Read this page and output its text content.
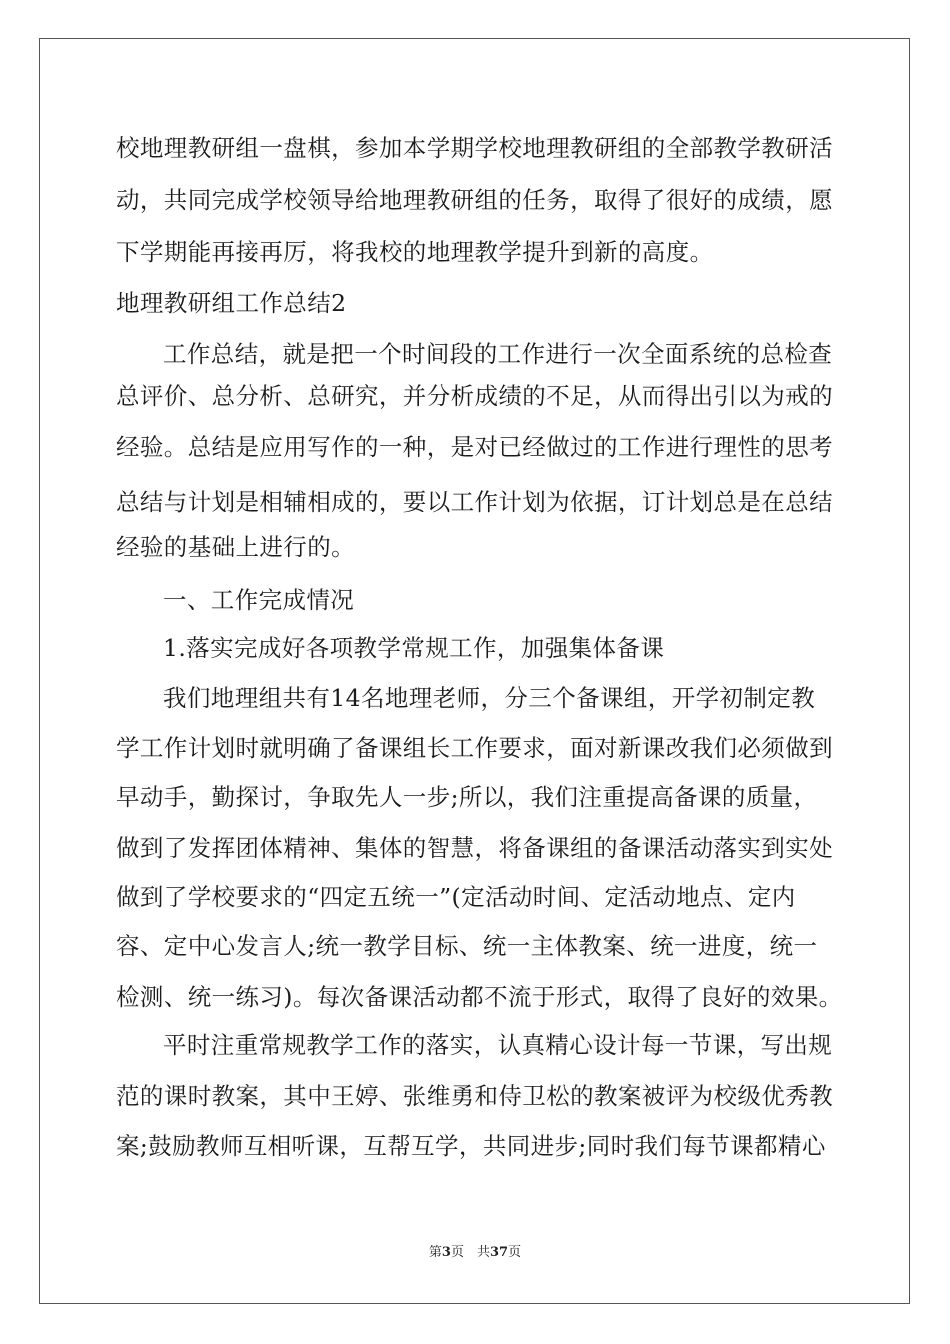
校地理教研组一盘棋，参加本学期学校地理教研组的全部教学教研活
动，共同完成学校领导给地理教研组的任务，取得了很好的成绩，愿
下学期能再接再厉，将我校的地理教学提升到新的高度。
地理教研组工作总结2
工作总结，就是把一个时间段的工作进行一次全面系统的总检查
总评价、总分析、总研究，并分析成绩的不足，从而得出引以为戒的
经验。总结是应用写作的一种，是对已经做过的工作进行理性的思考
总结与计划是相辅相成的，要以工作计划为依据，订计划总是在总结
经验的基础上进行的。
一、工作完成情况
1.落实完成好各项教学常规工作，加强集体备课
我们地理组共有14名地理老师，分三个备课组，开学初制定教
学工作计划时就明确了备课组长工作要求，面对新课改我们必须做到
早动手，勤探讨，争取先人一步;所以，我们注重提高备课的质量，
做到了发挥团体精神、集体的智慧，将备课组的备课活动落实到实处
做到了学校要求的“四定五统一”(定活动时间、定活动地点、定内
容、定中心发言人;统一教学目标、统一主体教案、统一进度，统一
检测、统一练习)。每次备课活动都不流于形式，取得了良好的效果。
平时注重常规教学工作的落实，认真精心设计每一节课，写出规
范的课时教案，其中王婷、张维勇和侍卫松的教案被评为校级优秀教
案;鼓励教师互相听课，互帮互学，共同进步;同时我们每节课都精心
第3页　共37页
